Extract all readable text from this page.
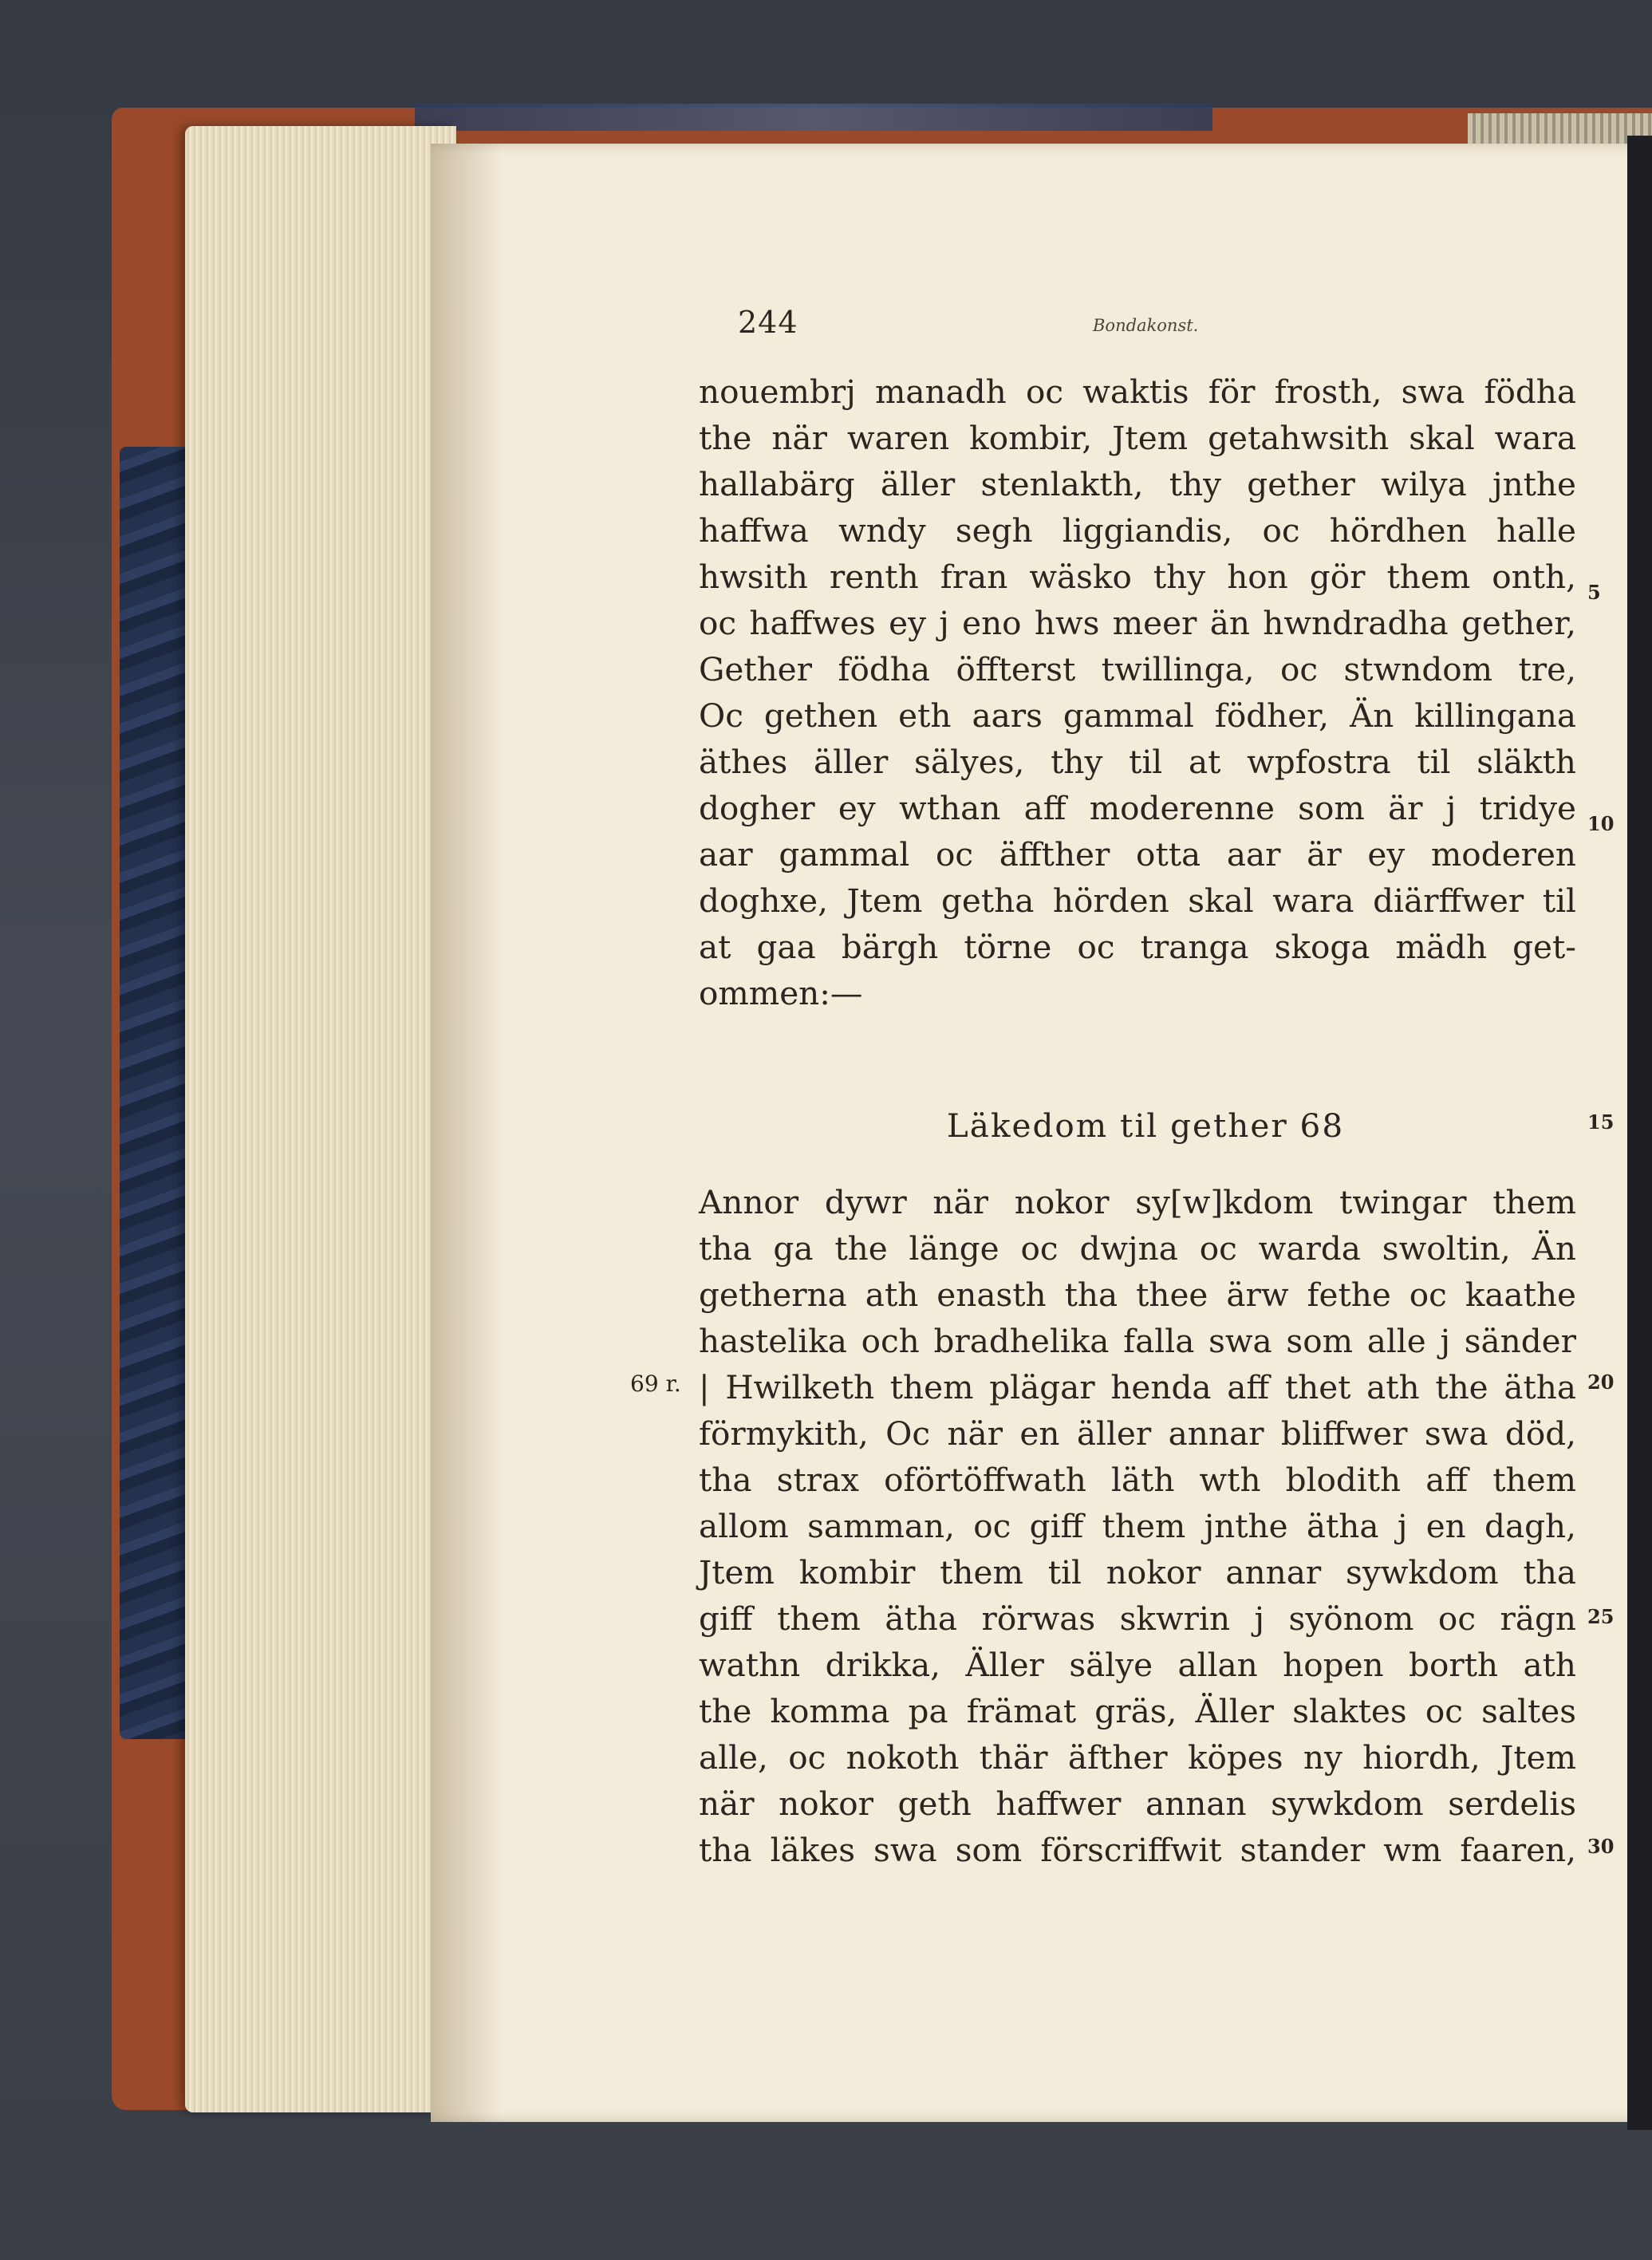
244	Bondakonst.
nouembrj manadh oc waktis för frosth, swa födha
the när waren kombir, Jtem getahwsith skal wara
hallabärg äller stenlakth, thy gether wilya jnthe
haffwa wndy segh liggiandis, oc hördhen halle
hwsith renth fran wäsko thy hon gör them onth,
oc haffwes ey j eno hws meer än hwndradha gether,
Gether födha öffterst twillinga, oc stwndom tre,
Oc gethen eth aars gammal födher, Än killingana
äthes äller sälyes, thy til at wpfostra til släkth
dogher ey wthan aff moderenne som är j tridye
aar gammal oc äffther otta aar är ey moderen
doghxe, Jtem getha hörden skal wara diärffwer til
at gaa bärgh törne oc tranga skoga mädh get-
ommen:—
Läkedom til gether 68
Annor dywr när nokor sy[w]kdom twingar them
tha ga the länge oc dwjna oc warda swoltin, Än
getherna ath enasth tha thee ärw fethe oc kaathe
hastelika och bradhelika falla swa som alle j sänder
| Hwilketh them plägar henda aff thet ath the ätha
förmykith, Oc när en äller annar bliffwer swa död,
tha strax oförtöffwath läth wth blodith aff them
allom samman, oc giff them jnthe ätha j en dagh,
Jtem kombir them til nokor annar sywkdom tha
giff them ätha rörwas skwrin j syönom oc rägn
wathn drikka, Äller sälye allan hopen borth ath
the komma pa främat gräs, Äller slaktes oc saltes
alle, oc nokoth thär äfther köpes ny hiordh, Jtem
när nokor geth haffwer annan sywkdom serdelis
tha läkes swa som förscriffwit stander wm faaren,
69 r.
5
10
15
20
25
30
